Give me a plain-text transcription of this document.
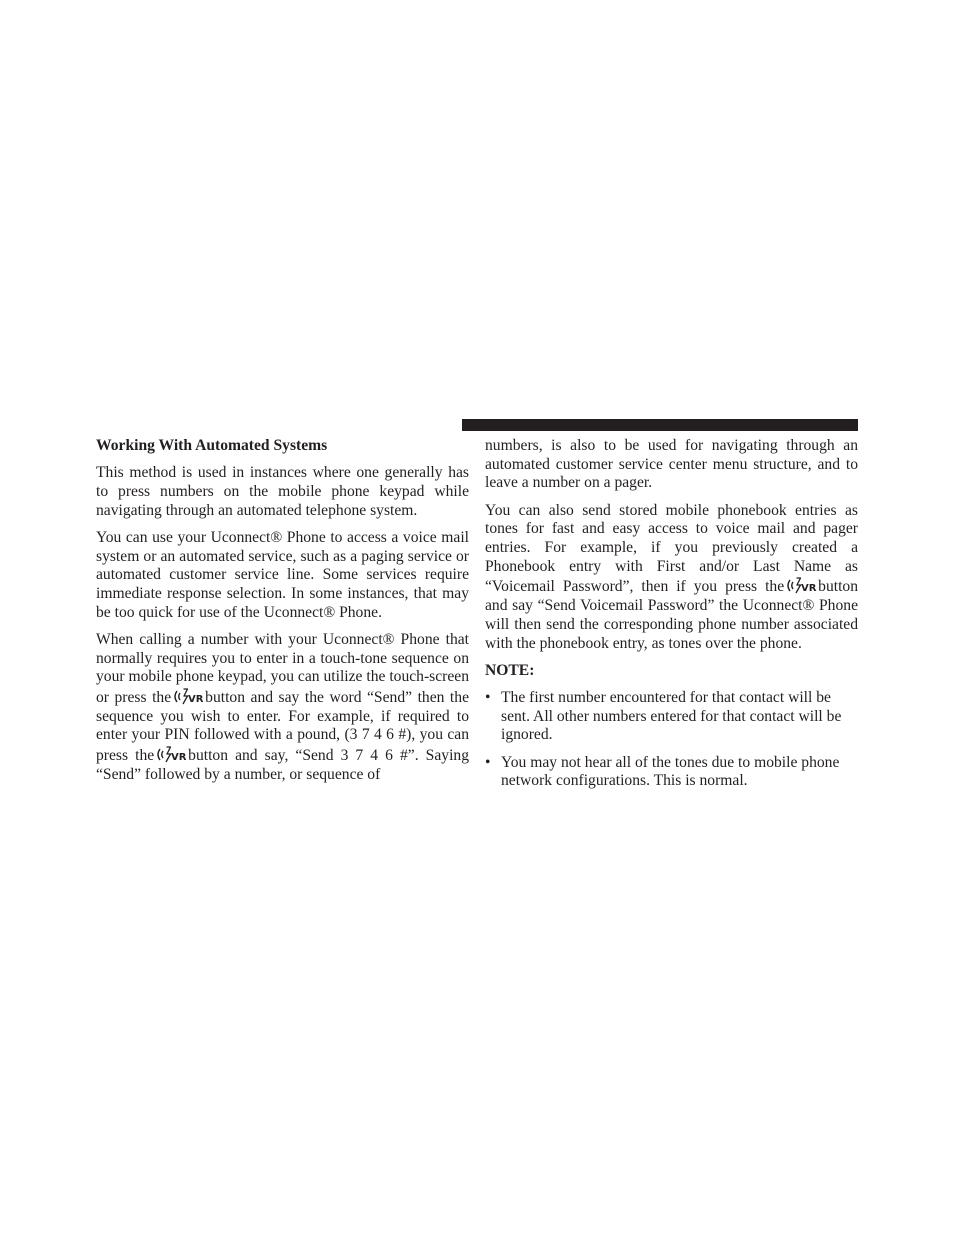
Working With Automated Systems

This method is used in instances where one generally has to press numbers on the mobile phone keypad while navigating through an automated telephone system.

You can use your Uconnect® Phone to access a voice mail system or an automated service, such as a paging service or automated customer service line. Some services require immediate response selection. In some instances, that may be too quick for use of the Uconnect® Phone.

When calling a number with your Uconnect® Phone that normally requires you to enter in a touch-tone sequence on your mobile phone keypad, you can utilize the touch-screen or press the VR button and say the word “Send” then the sequence you wish to enter. For example, if required to enter your PIN followed with a pound, (3 7 4 6 #), you can press the VR button and say, “Send 3 7 4 6 #”. Saying “Send” followed by a number, or sequence of

numbers, is also to be used for navigating through an automated customer service center menu structure, and to leave a number on a pager.

You can also send stored mobile phonebook entries as tones for fast and easy access to voice mail and pager entries. For example, if you previously created a Phonebook entry with First and/or Last Name as “Voicemail Password”, then if you press the VR button and say “Send Voicemail Password” the Uconnect® Phone will then send the corresponding phone number associated with the phonebook entry, as tones over the phone.

NOTE:
• The first number encountered for that contact will be sent. All other numbers entered for that contact will be ignored.
• You may not hear all of the tones due to mobile phone network configurations. This is normal.
